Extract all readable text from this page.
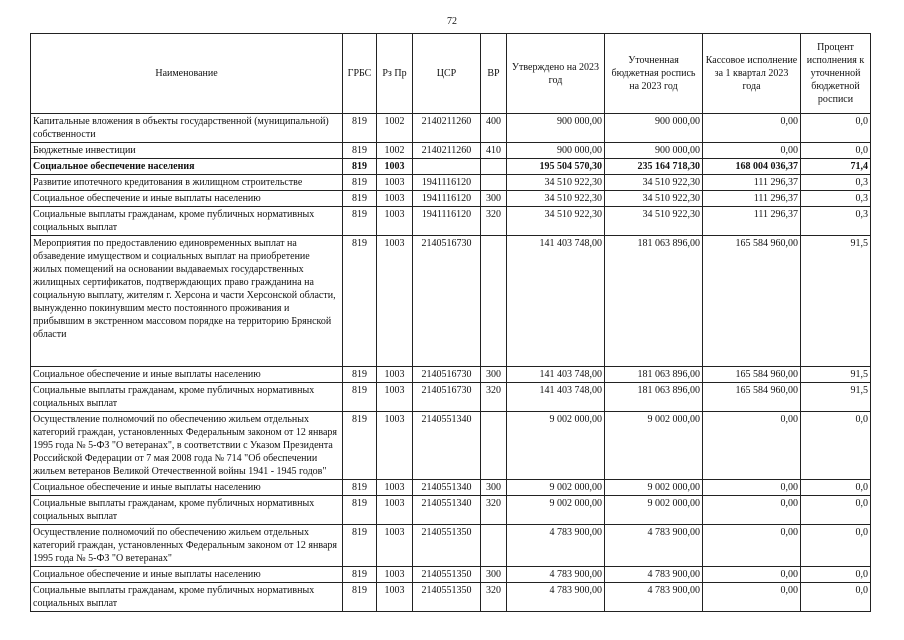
72
Наименование	ГРБС	Рз Пр	ЦСР	ВР	Утверждено на 2023 год	Уточненная бюджетная роспись на 2023 год	Кассовое исполнение за 1 квартал 2023 года	Процент исполнения к уточненной бюджетной росписи
Капитальные вложения в объекты государственной (муниципальной) собственности	819	1002	2140211260	400	900 000,00	900 000,00	0,00	0,0
Бюджетные инвестиции	819	1002	2140211260	410	900 000,00	900 000,00	0,00	0,0
Социальное обеспечение населения	819	1003			195 504 570,30	235 164 718,30	168 004 036,37	71,4
Развитие ипотечного кредитования в жилищном строительстве	819	1003	1941116120		34 510 922,30	34 510 922,30	111 296,37	0,3
Социальное обеспечение и иные выплаты населению	819	1003	1941116120	300	34 510 922,30	34 510 922,30	111 296,37	0,3
Социальные выплаты гражданам, кроме публичных нормативных социальных выплат	819	1003	1941116120	320	34 510 922,30	34 510 922,30	111 296,37	0,3
Мероприятия по предоставлению единовременных выплат на обзаведение имуществом и социальных выплат на приобретение жилых помещений на основании выдаваемых государственных жилищных сертификатов, подтверждающих право гражданина на социальную выплату, жителям г. Херсона и части Херсонской области, вынужденно покинувшим место постоянного проживания и прибывшим в экстренном массовом порядке на территорию Брянской области	819	1003	2140516730		141 403 748,00	181 063 896,00	165 584 960,00	91,5
Социальное обеспечение и иные выплаты населению	819	1003	2140516730	300	141 403 748,00	181 063 896,00	165 584 960,00	91,5
Социальные выплаты гражданам, кроме публичных нормативных социальных выплат	819	1003	2140516730	320	141 403 748,00	181 063 896,00	165 584 960,00	91,5
Осуществление полномочий по обеспечению жильем отдельных категорий граждан, установленных Федеральным законом от 12 января 1995 года № 5-ФЗ "О ветеранах", в соответствии с Указом Президента Российской Федерации от 7 мая 2008 года № 714 "Об обеспечении жильем ветеранов Великой Отечественной войны 1941 - 1945 годов"	819	1003	2140551340		9 002 000,00	9 002 000,00	0,00	0,0
Социальное обеспечение и иные выплаты населению	819	1003	2140551340	300	9 002 000,00	9 002 000,00	0,00	0,0
Социальные выплаты гражданам, кроме публичных нормативных социальных выплат	819	1003	2140551340	320	9 002 000,00	9 002 000,00	0,00	0,0
Осуществление полномочий по обеспечению жильем отдельных категорий граждан, установленных Федеральным законом от 12 января 1995 года № 5-ФЗ "О ветеранах"	819	1003	2140551350		4 783 900,00	4 783 900,00	0,00	0,0
Социальное обеспечение и иные выплаты населению	819	1003	2140551350	300	4 783 900,00	4 783 900,00	0,00	0,0
Социальные выплаты гражданам, кроме публичных нормативных социальных выплат	819	1003	2140551350	320	4 783 900,00	4 783 900,00	0,00	0,0
